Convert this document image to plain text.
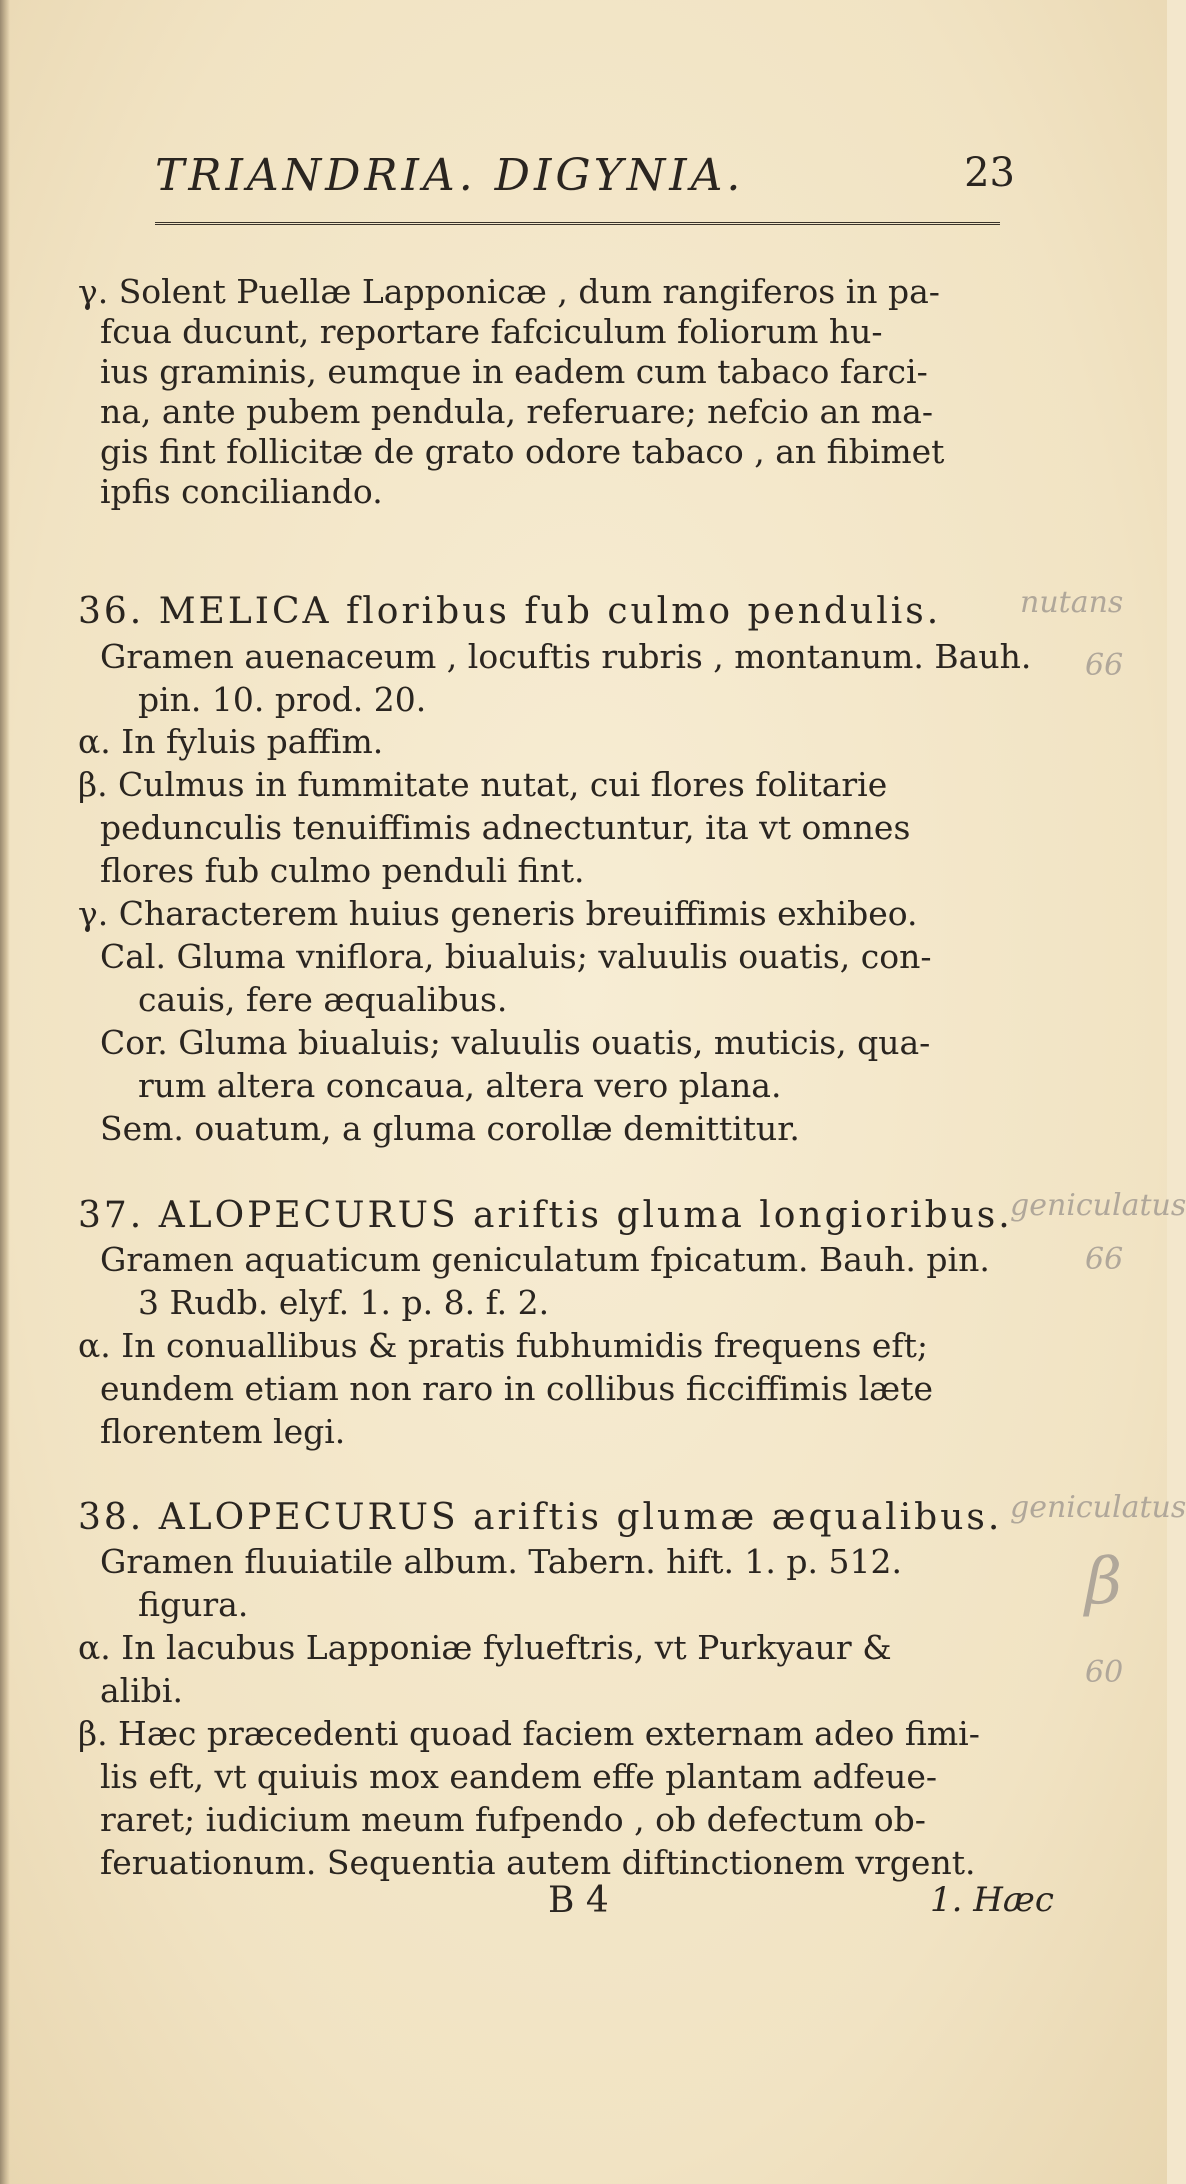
TRIANDRIA. DIGYNIA.	23
γ. Solent Puellæ Lapponicæ , dum rangiferos in pa-
fcua ducunt, reportare fafciculum foliorum hu-
ius graminis, eumque in eadem cum tabaco farci-
na, ante pubem pendula, referuare; nefcio an ma-
gis fint follicitæ de grato odore tabaco , an fibimet
ipfis conciliando.
36. MELICA floribus fub culmo pendulis.
Gramen auenaceum , locuftis rubris , montanum. Bauh.
pin. 10. prod. 20.
α. In fyluis paffim.
β. Culmus in fummitate nutat, cui flores folitarie
pedunculis tenuiffimis adnectuntur, ita vt omnes
flores fub culmo penduli fint.
γ. Characterem huius generis breuiffimis exhibeo.
Cal. Gluma vniflora, biualuis; valuulis ouatis, con-
cauis, fere æqualibus.
Cor. Gluma biualuis; valuulis ouatis, muticis, qua-
rum altera concaua, altera vero plana.
Sem. ouatum, a gluma corollæ demittitur.
37. ALOPECURUS ariftis gluma longioribus.
Gramen aquaticum geniculatum fpicatum. Bauh. pin.
3 Rudb. elyf. 1. p. 8. f. 2.
α. In conuallibus & pratis fubhumidis frequens eft;
eundem etiam non raro in collibus ficciffimis læte
florentem legi.
38. ALOPECURUS ariftis glumæ æqualibus.
Gramen fluuiatile album. Tabern. hift. 1. p. 512.
figura.
α. In lacubus Lapponiæ fylueftris, vt Purkyaur &
alibi.
β. Hæc præcedenti quoad faciem externam adeo fimi-
lis eft, vt quiuis mox eandem effe plantam adfeue-
raret; iudicium meum fufpendo , ob defectum ob-
feruationum. Sequentia autem diftinctionem vrgent.
nutans
66
geniculatus
66
geniculatus
β
60
B 4	1. Hæc
